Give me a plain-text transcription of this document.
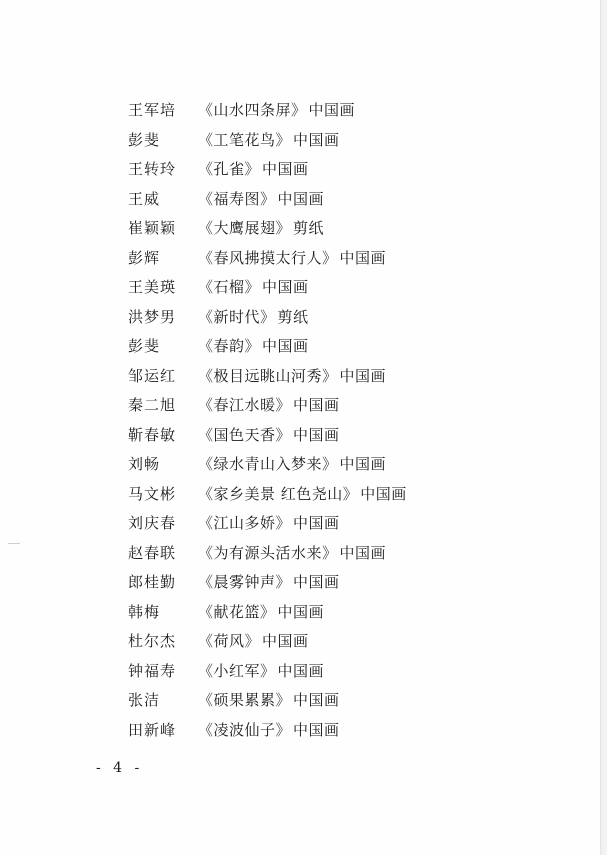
王军培	《山水四条屏》 中国画
彭斐	《工笔花鸟》 中国画
王转玲	《孔雀》 中国画
王威	《福寿图》 中国画
崔颖颖	《大鹰展翅》 剪纸
彭辉	《春风拂摸太行人》 中国画
王美瑛	《石榴》 中国画
洪梦男	《新时代》 剪纸
彭斐	《春韵》 中国画
邹运红	《极目远眺山河秀》 中国画
秦二旭	《春江水暖》 中国画
靳春敏	《国色天香》 中国画
刘畅	《绿水青山入梦来》 中国画
马文彬	《家乡美景 红色尧山》 中国画
刘庆春	《江山多娇》 中国画
赵春联	《为有源头活水来》 中国画
郎桂勤	《晨雾钟声》 中国画
韩梅	《献花篮》 中国画
杜尔杰	《荷风》 中国画
钟福寿	《小红军》 中国画
张洁	《硕果累累》 中国画
田新峰	《凌波仙子》 中国画
- 4 -
